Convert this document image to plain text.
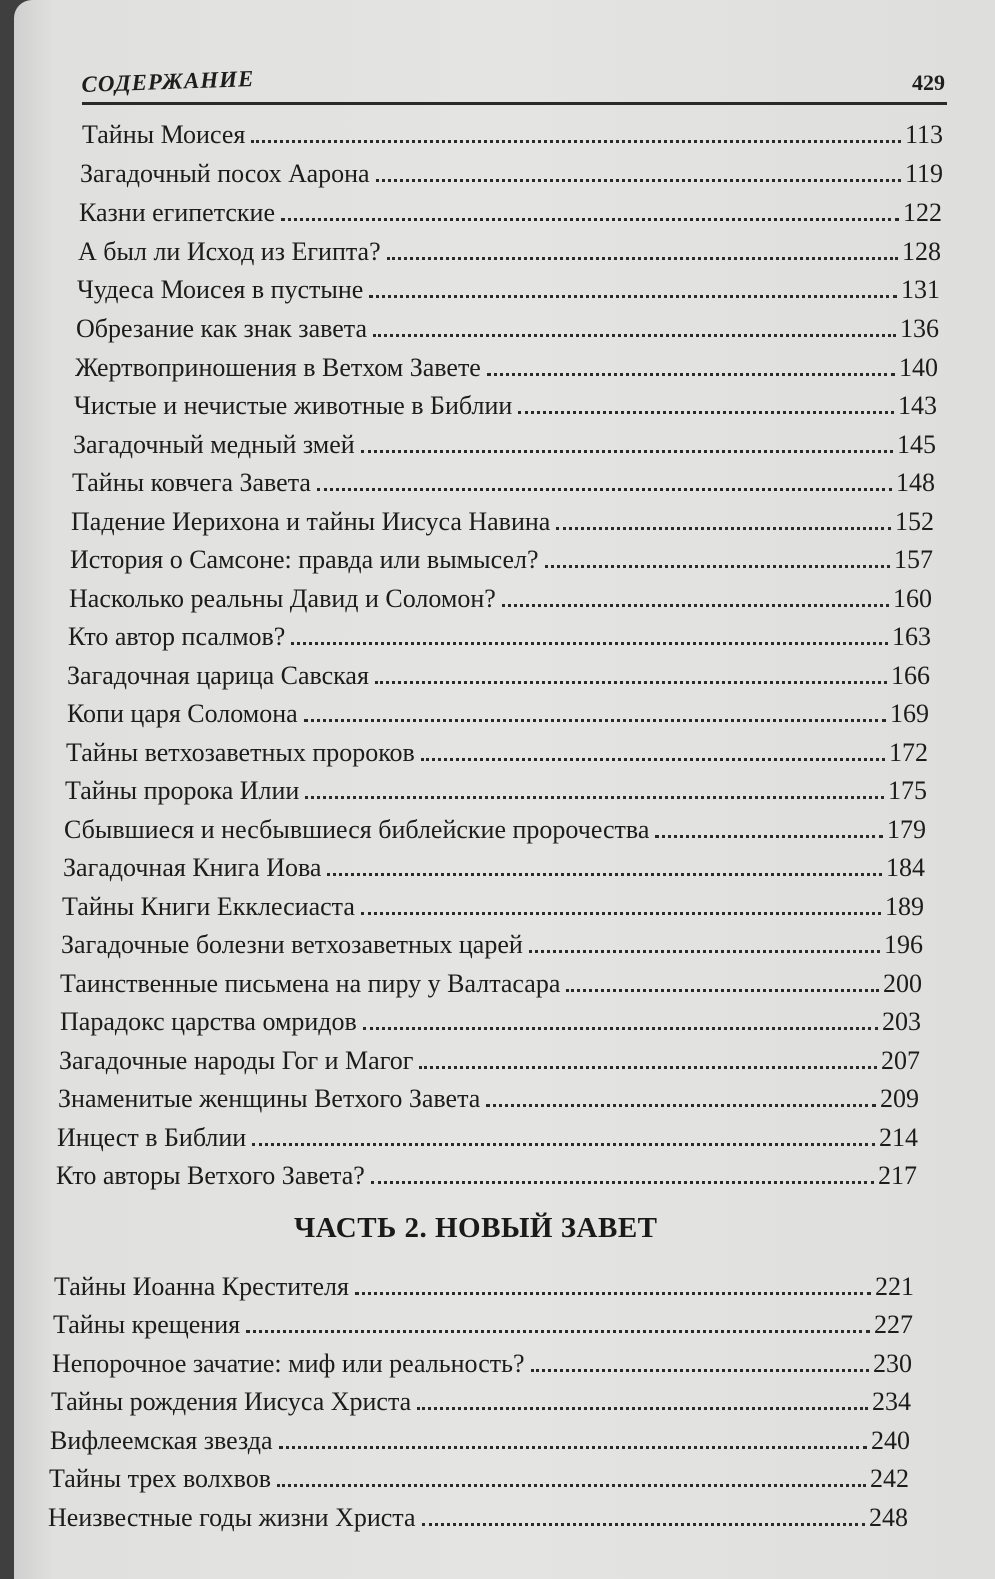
СОДЕРЖАНИЕ	429
Тайны Моисея	113
Загадочный посох Аарона	119
Казни египетские	122
А был ли Исход из Египта?	128
Чудеса Моисея в пустыне	131
Обрезание как знак завета	136
Жертвоприношения в Ветхом Завете	140
Чистые и нечистые животные в Библии	143
Загадочный медный змей	145
Тайны ковчега Завета	148
Падение Иерихона и тайны Иисуса Навина	152
История о Самсоне: правда или вымысел?	157
Насколько реальны Давид и Соломон?	160
Кто автор псалмов?	163
Загадочная царица Савская	166
Копи царя Соломона	169
Тайны ветхозаветных пророков	172
Тайны пророка Илии	175
Сбывшиеся и несбывшиеся библейские пророчества	179
Загадочная Книга Иова	184
Тайны Книги Екклесиаста	189
Загадочные болезни ветхозаветных царей	196
Таинственные письмена на пиру у Валтасара	200
Парадокс царства омридов	203
Загадочные народы Гог и Магог	207
Знаменитые женщины Ветхого Завета	209
Инцест в Библии	214
Кто авторы Ветхого Завета?	217
ЧАСТЬ 2. НОВЫЙ ЗАВЕТ
Тайны Иоанна Крестителя	221
Тайны крещения	227
Непорочное зачатие: миф или реальность?	230
Тайны рождения Иисуса Христа	234
Вифлеемская звезда	240
Тайны трех волхвов	242
Неизвестные годы жизни Христа	248
